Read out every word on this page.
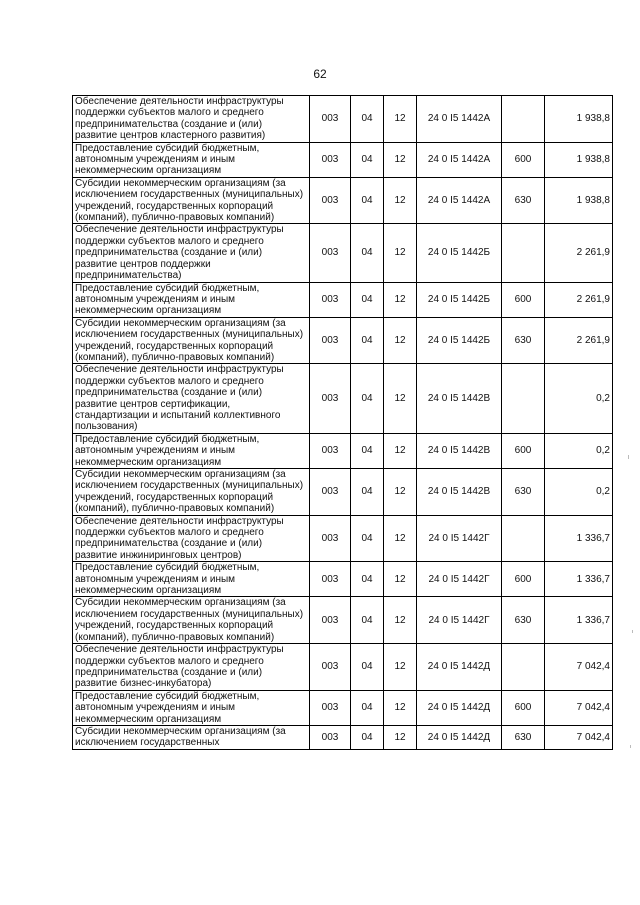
62
Обеспечение деятельности инфраструктуры поддержки субъектов малого и среднего предпринимательства (создание и (или) развитие центров кластерного развития)	003	04	12	24 0 I5 1442А		1 938,8
Предоставление субсидий бюджетным, автономным учреждениям и иным некоммерческим организациям	003	04	12	24 0 I5 1442А	600	1 938,8
Субсидии некоммерческим организациям (за исключением государственных (муниципальных) учреждений, государственных корпораций (компаний), публично-правовых компаний)	003	04	12	24 0 I5 1442А	630	1 938,8
Обеспечение деятельности инфраструктуры поддержки субъектов малого и среднего предпринимательства (создание и (или) развитие центров поддержки предпринимательства)	003	04	12	24 0 I5 1442Б		2 261,9
Предоставление субсидий бюджетным, автономным учреждениям и иным некоммерческим организациям	003	04	12	24 0 I5 1442Б	600	2 261,9
Субсидии некоммерческим организациям (за исключением государственных (муниципальных) учреждений, государственных корпораций (компаний), публично-правовых компаний)	003	04	12	24 0 I5 1442Б	630	2 261,9
Обеспечение деятельности инфраструктуры поддержки субъектов малого и среднего предпринимательства (создание и (или) развитие центров сертификации, стандартизации и испытаний коллективного пользования)	003	04	12	24 0 I5 1442В		0,2
Предоставление субсидий бюджетным, автономным учреждениям и иным некоммерческим организациям	003	04	12	24 0 I5 1442В	600	0,2
Субсидии некоммерческим организациям (за исключением государственных (муниципальных) учреждений, государственных корпораций (компаний), публично-правовых компаний)	003	04	12	24 0 I5 1442В	630	0,2
Обеспечение деятельности инфраструктуры поддержки субъектов малого и среднего предпринимательства (создание и (или) развитие инжиниринговых центров)	003	04	12	24 0 I5 1442Г		1 336,7
Предоставление субсидий бюджетным, автономным учреждениям и иным некоммерческим организациям	003	04	12	24 0 I5 1442Г	600	1 336,7
Субсидии некоммерческим организациям (за исключением государственных (муниципальных) учреждений, государственных корпораций (компаний), публично-правовых компаний)	003	04	12	24 0 I5 1442Г	630	1 336,7
Обеспечение деятельности инфраструктуры поддержки субъектов малого и среднего предпринимательства (создание и (или) развитие бизнес-инкубатора)	003	04	12	24 0 I5 1442Д		7 042,4
Предоставление субсидий бюджетным, автономным учреждениям и иным некоммерческим организациям	003	04	12	24 0 I5 1442Д	600	7 042,4
Субсидии некоммерческим организациям (за исключением государственных	003	04	12	24 0 I5 1442Д	630	7 042,4
